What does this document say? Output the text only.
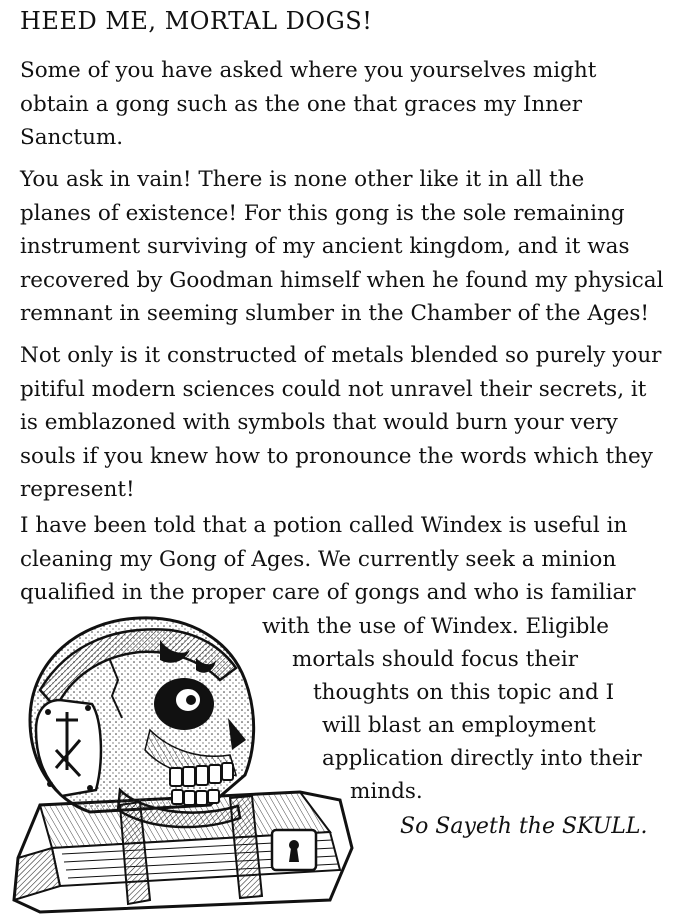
HEED ME, MORTAL DOGS!
Some of you have asked where you yourselves might
obtain a gong such as the one that graces my Inner
Sanctum.
You ask in vain! There is none other like it in all the
planes of existence! For this gong is the sole remaining
instrument surviving of my ancient kingdom, and it was
recovered by Goodman himself when he found my physical
remnant in seeming slumber in the Chamber of the Ages!
Not only is it constructed of metals blended so purely your
pitiful modern sciences could not unravel their secrets, it
is emblazoned with symbols that would burn your very
souls if you knew how to pronounce the words which they
represent!
I have been told that a potion called Windex is useful in
cleaning my Gong of Ages. We currently seek a minion
qualified in the proper care of gongs and who is familiar
with the use of Windex. Eligible
mortals should focus their
thoughts on this topic and I
will blast an employment
application directly into their
minds.
So Sayeth the SKULL.
